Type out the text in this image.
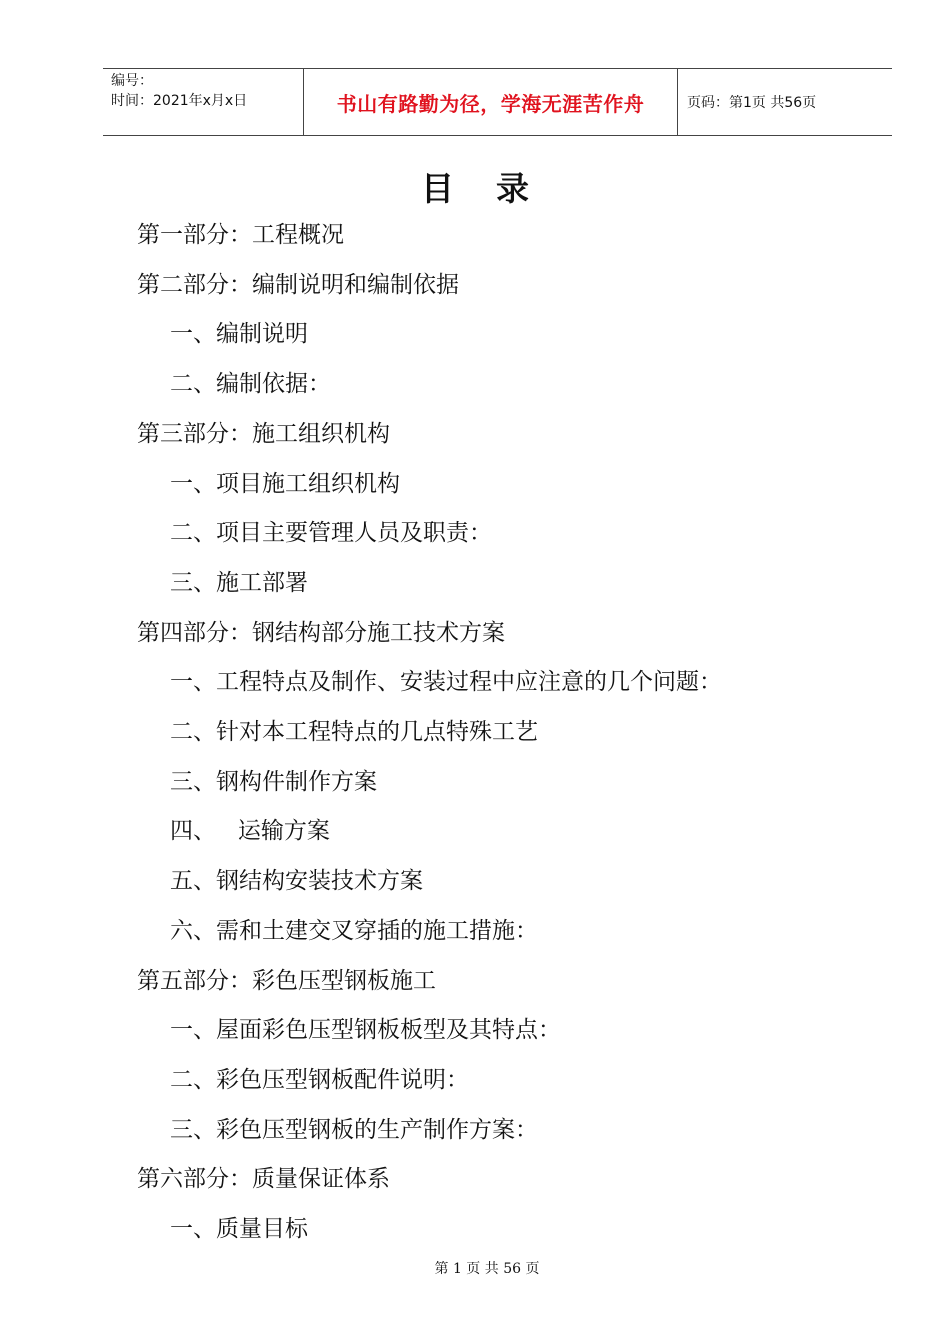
编号：
时间：2021年x月x日	书山有路勤为径，学海无涯苦作舟	页码：第1页 共56页
目录
第一部分：工程概况
第二部分：编制说明和编制依据
一、编制说明
二、编制依据：
第三部分：施工组织机构
一、项目施工组织机构
二、项目主要管理人员及职责：
三、施工部署
第四部分：钢结构部分施工技术方案
一、工程特点及制作、安装过程中应注意的几个问题：
二、针对本工程特点的几点特殊工艺
三、钢构件制作方案
四、   运输方案
五、钢结构安装技术方案
六、需和土建交叉穿插的施工措施：
第五部分：彩色压型钢板施工
一、屋面彩色压型钢板板型及其特点：
二、彩色压型钢板配件说明：
三、彩色压型钢板的生产制作方案：
第六部分：质量保证体系
一、质量目标
第 1 页 共 56 页
